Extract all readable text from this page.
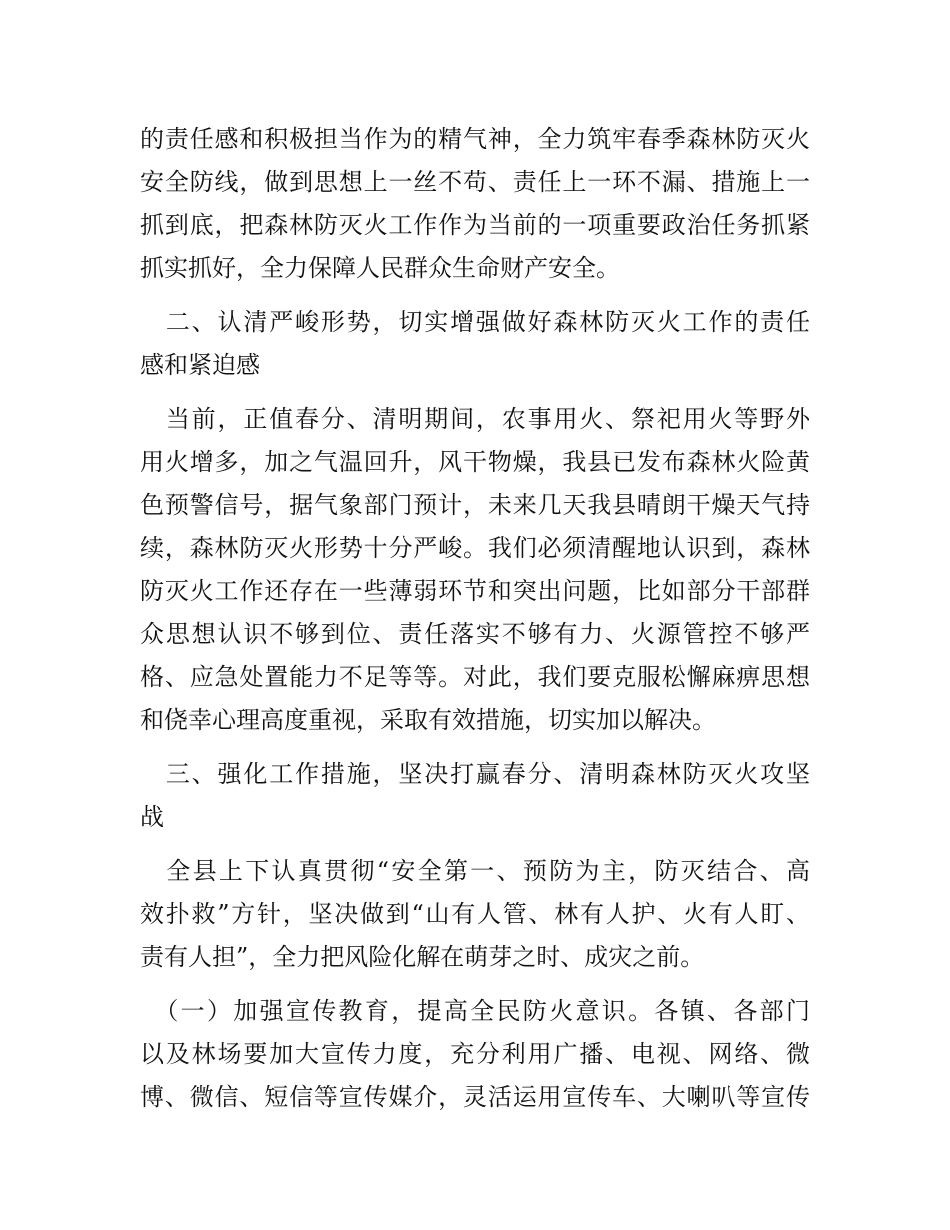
的责任感和积极担当作为的精气神，全力筑牢春季森林防灭火
安全防线，做到思想上一丝不苟、责任上一环不漏、措施上一
抓到底，把森林防灭火工作作为当前的一项重要政治任务抓紧
抓实抓好，全力保障人民群众生命财产安全。
　二、认清严峻形势，切实增强做好森林防灭火工作的责任
感和紧迫感
　当前，正值春分、清明期间，农事用火、祭祀用火等野外
用火增多，加之气温回升，风干物燥，我县已发布森林火险黄
色预警信号，据气象部门预计，未来几天我县晴朗干燥天气持
续，森林防灭火形势十分严峻。我们必须清醒地认识到，森林
防灭火工作还存在一些薄弱环节和突出问题，比如部分干部群
众思想认识不够到位、责任落实不够有力、火源管控不够严
格、应急处置能力不足等等。对此，我们要克服松懈麻痹思想
和侥幸心理高度重视，采取有效措施，切实加以解决。
　三、强化工作措施，坚决打赢春分、清明森林防灭火攻坚
战
　全县上下认真贯彻“安全第一、预防为主，防灭结合、高
效扑救”方针，坚决做到“山有人管、林有人护、火有人盯、
责有人担”，全力把风险化解在萌芽之时、成灾之前。
　（一）加强宣传教育，提高全民防火意识。各镇、各部门
以及林场要加大宣传力度，充分利用广播、电视、网络、微
博、微信、短信等宣传媒介，灵活运用宣传车、大喇叭等宣传
